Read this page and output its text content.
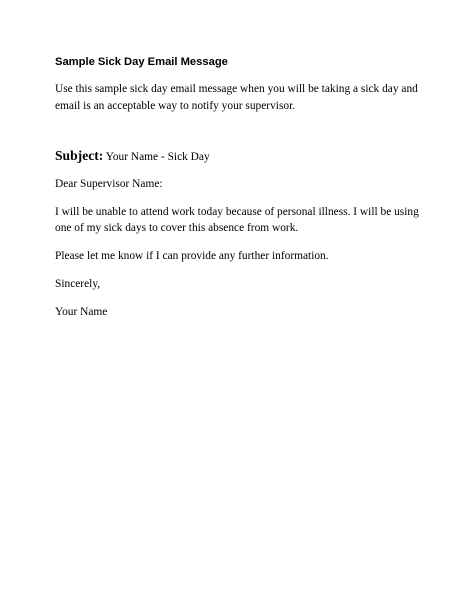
Sample Sick Day Email Message

Use this sample sick day email message when you will be taking a sick day and email is an acceptable way to notify your supervisor.

Subject: Your Name - Sick Day

Dear Supervisor Name:

I will be unable to attend work today because of personal illness. I will be using one of my sick days to cover this absence from work.

Please let me know if I can provide any further information.

Sincerely,

Your Name
